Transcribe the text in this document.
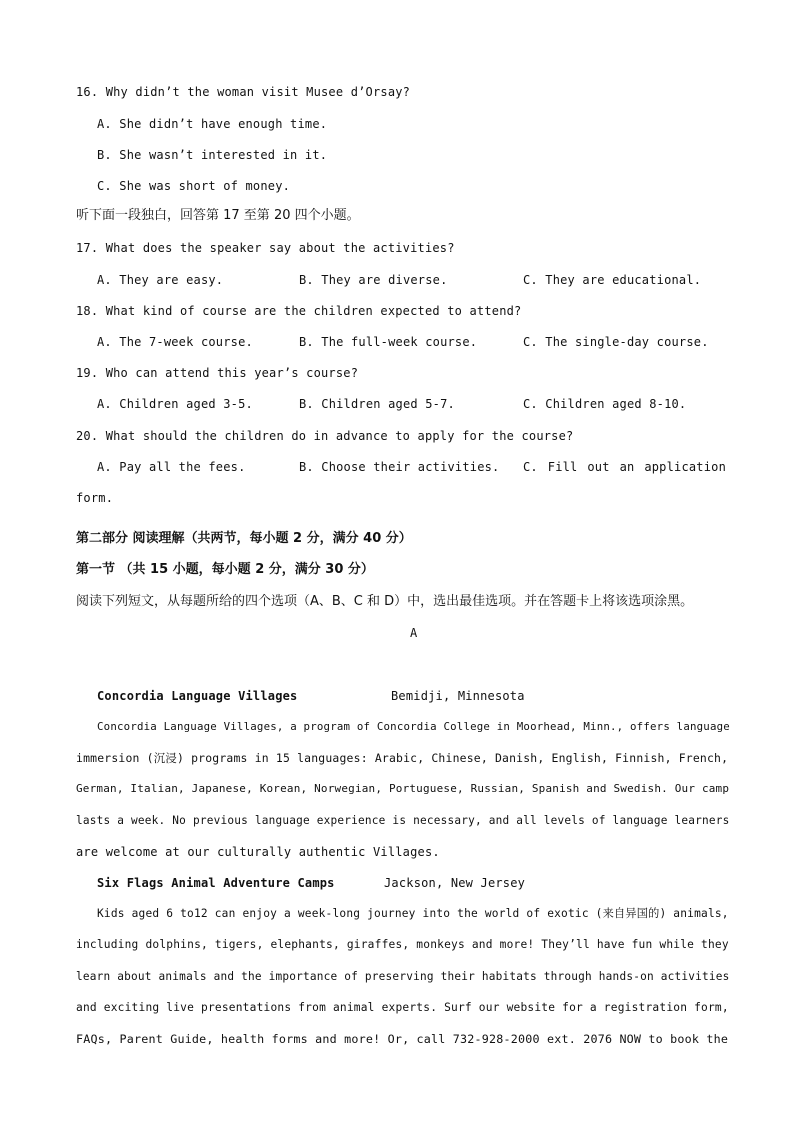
16. Why didn’t the woman visit Musee d’Orsay?
A. She didn’t have enough time.
B. She wasn’t interested in it.
C. She was short of money.
听下面一段独白，回答第 17 至第 20 四个小题。
17. What does the speaker say about the activities?
A. They are easy.	B. They are diverse.	C. They are educational.
18. What kind of course are the children expected to attend?
A. The 7-week course.	B. The full-week course.	C. The single-day course.
19. Who can attend this year’s course?
A. Children aged 3-5.	B. Children aged 5-7.	C. Children aged 8-10.
20. What should the children do in advance to apply for the course?
A. Pay all the fees.	B. Choose their activities. C. Fill out an application
form.
第二部分 阅读理解（共两节，每小题 2 分，满分 40 分）
第一节 （共 15 小题，每小题 2 分，满分 30 分）
阅读下列短文，从每题所给的四个选项（A、B、C 和 D）中，选出最佳选项。并在答题卡上将该选项涂黑。
A
Concordia Language Villages	Bemidji, Minnesota
Concordia Language Villages, a program of Concordia College in Moorhead, Minn., offers language
immersion (沉浸) programs in 15 languages: Arabic, Chinese, Danish, English, Finnish, French,
German, Italian, Japanese, Korean, Norwegian, Portuguese, Russian, Spanish and Swedish. Our camp
lasts a week. No previous language experience is necessary, and all levels of language learners
are welcome at our culturally authentic Villages.
Six Flags Animal Adventure Camps	Jackson, New Jersey
Kids aged 6 to12 can enjoy a week-long journey into the world of exotic (来自异国的) animals,
including dolphins, tigers, elephants, giraffes, monkeys and more! They’ll have fun while they
learn about animals and the importance of preserving their habitats through hands-on activities
and exciting live presentations from animal experts. Surf our website for a registration form,
FAQs, Parent Guide, health forms and more! Or, call 732-928-2000 ext. 2076 NOW to book the
